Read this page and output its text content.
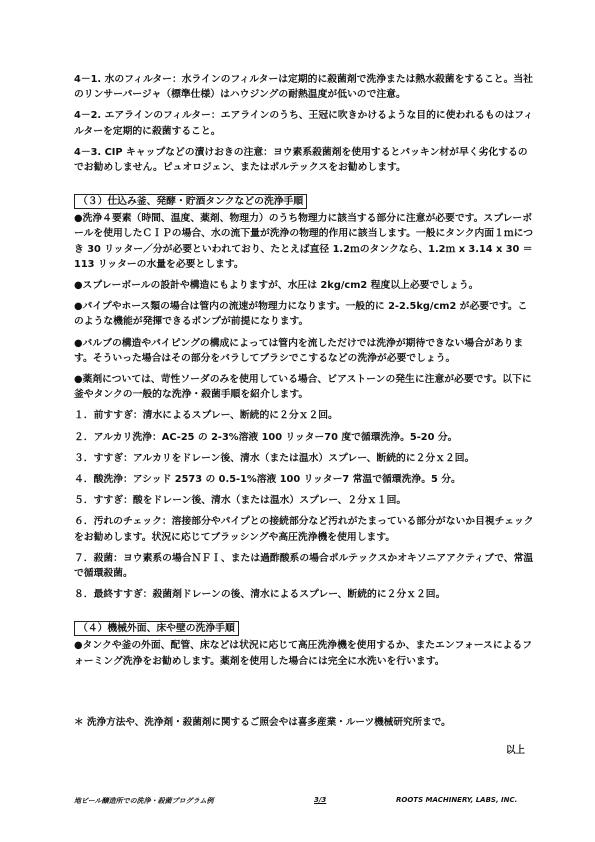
4－1. 水のフィルター：水ラインのフィルターは定期的に殺菌剤で洗浄または熱水殺菌をすること。当社のリンサーパージャ（標準仕様）はハウジングの耐熱温度が低いので注意。

4－2. エアラインのフィルター：エアラインのうち、王冠に吹きかけるような目的に使われるものはフィルターを定期的に殺菌すること。

4－3. CIP キャップなどの漬けおきの注意：ヨウ素系殺菌剤を使用するとパッキン材が早く劣化するのでお勧めしません。ピュオロジェン、またはポルテックスをお勧めします。

（３）仕込み釜、発酵・貯酒タンクなどの洗浄手順

●洗浄４要素（時間、温度、薬剤、物理力）のうち物理力に該当する部分に注意が必要です。スプレーボールを使用したＣＩＰの場合、水の流下量が洗浄の物理的作用に該当します。一般にタンク内面１ｍにつき 30 リッター／分が必要といわれており、たとえば直径 1.2ｍのタンクなら、1.2ｍ x 3.14 x 30 ＝ 113 リッターの水量を必要とします。

●スプレーボールの設計や構造にもよりますが、水圧は 2kg/cm2 程度以上必要でしょう。

●パイプやホース類の場合は管内の流速が物理力になります。一般的に 2-2.5kg/cm2 が必要です。このような機能が発揮できるポンプが前提になります。

●バルブの構造やパイピングの構成によっては管内を流しただけでは洗浄が期待できない場合があります。そういった場合はその部分をバラしてブラシでこするなどの洗浄が必要でしょう。

●薬剤については、苛性ソーダのみを使用している場合、ビアストーンの発生に注意が必要です。以下に釜やタンクの一般的な洗浄・殺菌手順を紹介します。

１．前すすぎ：清水によるスプレー、断続的に２分ｘ２回。

２．アルカリ洗浄：AC-25 の 2-3%溶液 100 リッター70 度で循環洗浄。5-20 分。

３．すすぎ：アルカリをドレーン後、清水（または温水）スプレー、断続的に２分ｘ２回。

４．酸洗浄：アシッド 2573 の 0.5-1%溶液 100 リッター7 常温で循環洗浄。5 分。

５．すすぎ：酸をドレーン後、清水（または温水）スプレー、２分ｘ１回。

６．汚れのチェック：溶接部分やパイプとの接続部分など汚れがたまっている部分がないか目視チェックをお勧めします。状況に応じてブラッシングや高圧洗浄機を使用します。

７．殺菌：ヨウ素系の場合ＮＦＩ、または過酢酸系の場合ポルテックスかオキソニアアクティブで、常温で循環殺菌。

８．最終すすぎ：殺菌剤ドレーンの後、清水によるスプレー、断続的に２分ｘ２回。

（４）機械外面、床や壁の洗浄手順

●タンクや釜の外面、配管、床などは状況に応じて高圧洗浄機を使用するか、またエンフォースによるフォーミング洗浄をお勧めします。薬剤を使用した場合には完全に水洗いを行います。

＊ 洗浄方法や、洗浄剤・殺菌剤に関するご照会やは喜多産業・ルーツ機械研究所まで。
以上
地ビール醸造所での洗浄・殺菌プログラム例	3/3	ROOTS MACHINERY, LABS, INC.
